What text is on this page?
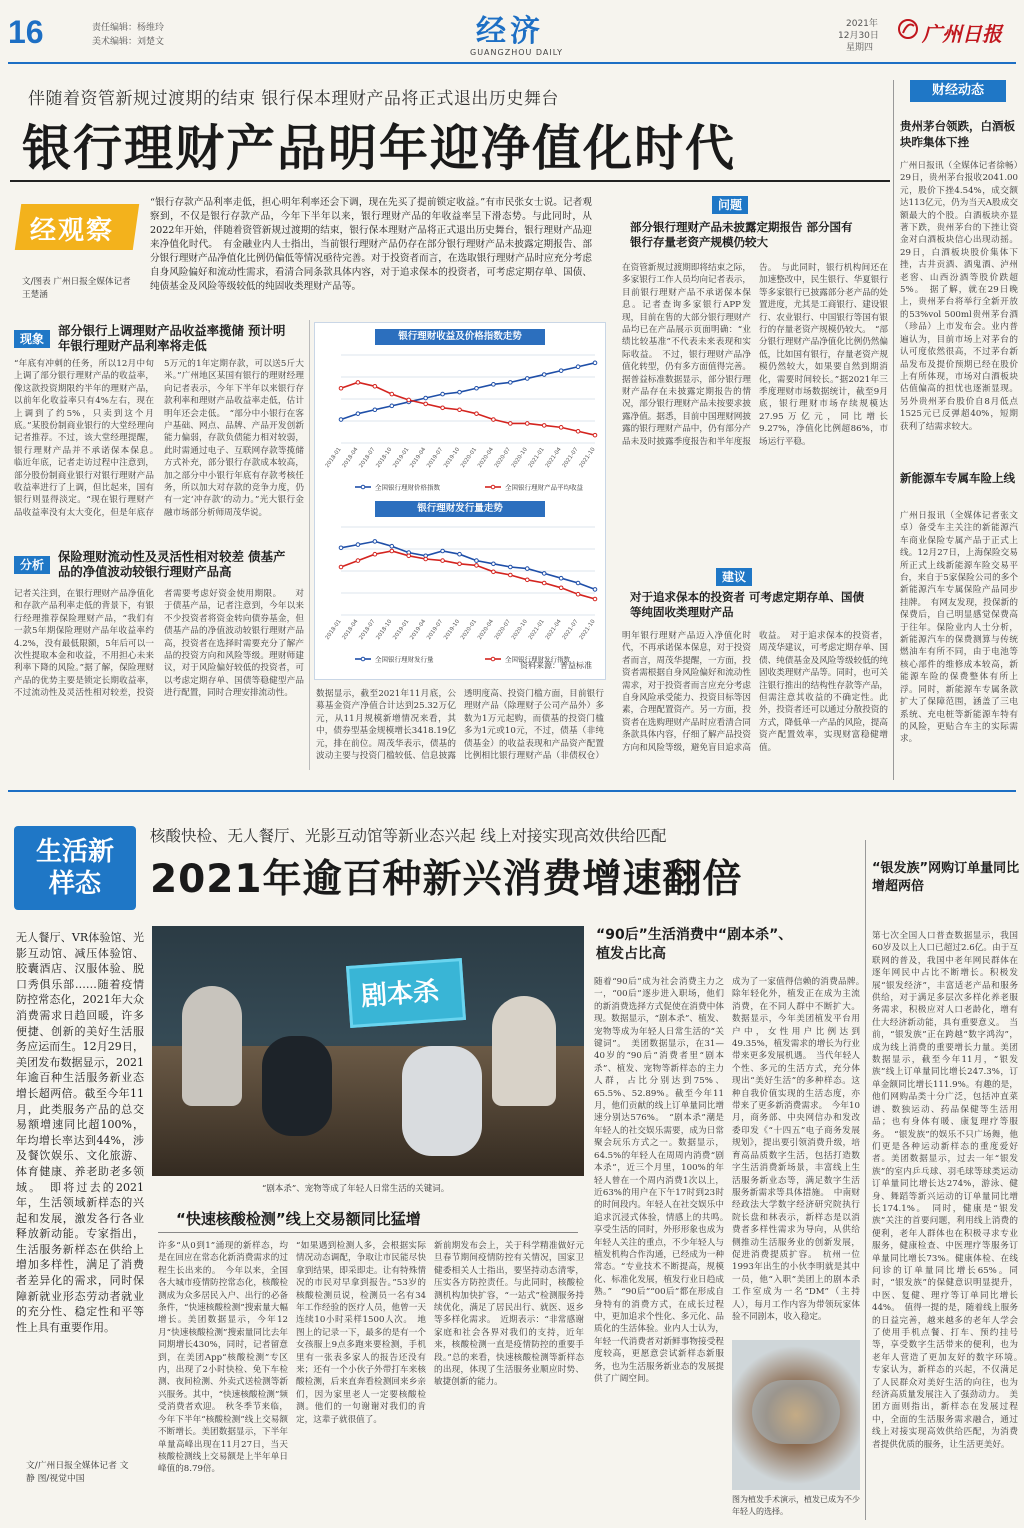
16	责任编辑：杨维玲
美术编辑：刘楚文	经济
GUANGZHOU DAILY
2021年
12月30日
星期四
广州日报
伴随着资管新规过渡期的结束 银行保本理财产品将正式退出历史舞台
银行理财产品明年迎净值化时代
经观察
文/图表 广州日报全媒体记者 王楚涵
“银行存款产品利率走低，担心明年利率还会下调，现在先买了提前锁定收益。”有市民张女士说。记者观察到，不仅是银行存款产品，今年下半年以来，银行理财产品的年收益率呈下滑态势。与此同时，从2022年开始，伴随着资管新规过渡期的结束，银行保本理财产品将正式退出历史舞台，银行理财产品迎来净值化时代。　有金融业内人士指出，当前银行理财产品仍存在部分银行理财产品未披露定期报告、部分银行理财产品净值化比例仍偏低等情况亟待完善。对于投资者而言，在选取银行理财产品时应充分考虑自身风险偏好和流动性需求，看清合同条款具体内容，对于追求保本的投资者，可考虑定期存单、国债、纯债基金及风险等级较低的纯固收类理财产品等。
现象
部分银行上调理财产品收益率揽储 预计明年银行理财产品利率将走低
“年底有冲刺的任务，所以12月中旬上调了部分银行理财产品的收益率，像这款投资期限约半年的理财产品，以前年化收益率只有4%左右，现在上调到了约5%，只卖到这个月底。”某股份制商业银行的大堂经理向记者推荐。不过，该大堂经理提醒，银行理财产品并不承诺保本保息。　临近年底，记者走访过程中注意到，部分股份制商业银行对银行理财产品收益率进行了上调，但比起来，国有银行则显得淡定。“现在银行理财产品收益率没有太大变化，但是年底存5万元的1年定期存款，可以送5斤大米。”广州地区某国有银行的理财经理向记者表示，今年下半年以来银行存款利率和理财产品收益率走低，估计明年还会走低。　“部分中小银行在客户基础、网点、品牌、产品开发创新能力偏弱，存款负债能力相对较弱，此时需通过电子、互联网存款等揽储方式补充，部分银行存款成本较高，加之部分中小银行年底有存款考核任务，所以加大对存款的竞争力度，仍有一定‘冲存款’的动力。”光大银行金融市场部分析师周茂华说。
分析
保险理财流动性及灵活性相对较差 债基产品的净值波动较银行理财产品高
记者关注到，在银行理财产品净值化和存款产品利率走低的背景下，有银行经理推荐保险理财产品，“我们有一款5年期保险理财产品年收益率约4.2%，没有最低限额，5年后可以一次性提取本金和收益，不用担心未来利率下降的风险。”据了解，保险理财产品的优势主要是锁定长期收益率，不过流动性及灵活性相对较差，投资者需要考虑好资金使用期限。　　对于债基产品，记者注意到，今年以来不少投资者将资金转向债券基金，但债基产品的净值波动较银行理财产品高，投资者在选择时需要充分了解产品的投资方向和风险等级。理财师建议，对于风险偏好较低的投资者，可以考虑定期存单、国债等稳健型产品进行配置，同时合理安排流动性。
银行理财收益及价格指数走势
2018-01
2018-04
2018-07
2018-10
2019-01
2019-04
2019-07
2019-10
2020-01
2020-04
2020-07
2020-10
2021-01
2021-04
2021-07
2021-10
全国银行理财价格指数	全国银行理财产品平均收益
银行理财发行量走势
2018-01
2018-04
2018-07
2018-10
2019-01
2019-04
2019-07
2019-10
2020-01
2020-04
2020-07
2020-10
2021-01
2021-04
2021-07
2021-10
全国银行理财发行量	全国银行理财发行指数
资料来源：普益标准
数据显示，截至2021年11月底，公募基金资产净值合计达到25.32万亿元，从11月规模新增情况来看，其中，债券型基金规模增长3418.19亿元，排在前位。周茂华表示，债基的波动主要与投资门槛较低、信息披露透明度高、投资门槛方面，目前银行理财产品（除理财子公司产品外）多数为1万元起购，而债基的投资门槛多为1元或10元，不过，债基（非纯债基金）的收益表现和产品资产配置比例相比银行理财产品（非债权仓）
问题
部分银行理财产品未披露定期报告 部分国有银行存量老资产规模仍较大
在资管新规过渡期即将结束之际，多家银行工作人员均向记者表示，目前银行理财产品不承诺保本保息。记者查询多家银行APP发现，目前在售的大部分银行理财产品均已在产品展示页面明确：“业绩比较基准”不代表未来表现和实际收益。　不过，银行理财产品净值化转型，仍有多方面值得完善。据普益标准数据显示，部分银行理财产品存在未披露定期报告的情况，部分银行理财产品未按要求披露净值。据悉，目前中国理财网披露的银行理财产品中，仍有部分产品未及时披露季度报告和半年度报告。　与此同时，银行机构间还在加速整改中，民生银行、华夏银行等多家银行已披露部分老产品的处置进度，尤其是工商银行、建设银行、农业银行、中国银行等国有银行的存量老资产规模仍较大。　“部分银行理财产品净值化比例仍然偏低，比如国有银行，存量老资产规模仍然较大，如果要自然到期消化，需要时间较长。”据2021年三季度理财市场数据统计，截至9月底，银行理财市场存续规模达27.95万亿元，同比增长9.27%，净值化比例超86%，市场运行平稳。
建议
对于追求保本的投资者 可考虑定期存单、国债等纯固收类理财产品
明年银行理财产品迈入净值化时代，不再承诺保本保息，对于投资者而言，周茂华提醒，一方面，投资者需根据自身风险偏好和流动性需求，对于投资者而言应充分考虑自身风险承受能力、投资目标等因素，合理配置资产。另一方面，投资者在选购理财产品时应看清合同条款具体内容，仔细了解产品投资方向和风险等级，避免盲目追求高收益。　对于追求保本的投资者，周茂华建议，可考虑定期存单、国债、纯债基金及风险等级较低的纯固收类理财产品等。同时，也可关注银行推出的结构性存款等产品，但需注意其收益的不确定性。此外，投资者还可以通过分散投资的方式，降低单一产品的风险，提高资产配置效率，实现财富稳健增值。
财经动态
贵州茅台领跌，白酒板块昨集体下挫
广州日报讯（全媒体记者徐畅）29日，贵州茅台报收2041.00元，股价下挫4.54%，成交额达113亿元，仍为当天A股成交额最大的个股。白酒板块亦显著下跌，贵州茅台的下挫让资金对白酒板块信心出现动摇。29日，白酒板块股价集体下挫，古井贡酒、酒鬼酒、泸州老窖、山西汾酒等股价跌超5%。　据了解，就在29日晚上，贵州茅台将举行全新开放的53%vol 500ml贵州茅台酒（珍品）上市发布会。业内普遍认为，目前市场上对茅台的认可度依然很高，不过茅台新品发布及提价预期已经在股价上有所体现，市场对白酒板块估值偏高的担忧也逐渐显现。另外贵州茅台股价自8月低点1525元已反弹超40%，短期获利了结需求较大。
新能源车专属车险上线
广州日报讯（全媒体记者张文卓）备受车主关注的新能源汽车商业保险专属产品于正式上线。12月27日，上海保险交易所正式上线新能源车险交易平台，来自于5家保险公司的多个新能源汽车专属保险产品同步挂牌。　有网友发现，投保新的保费后，自己明显感觉保费高于往年。保险业内人士分析，新能源汽车的保费测算与传统燃油车有所不同，由于电池等核心部件的维修成本较高，新能源车险的保费整体有所上浮。同时，新能源车专属条款扩大了保障范围，涵盖了三电系统、充电桩等新能源车特有的风险，更贴合车主的实际需求。
生活新样态
核酸快检、无人餐厅、光影互动馆等新业态兴起 线上对接实现高效供给匹配
2021年逾百种新兴消费增速翻倍
无人餐厅、VR体验馆、光影互动馆、减压体验馆、胶囊酒店、汉服体验、脱口秀俱乐部……随着疫情防控常态化，2021年大众消费需求日趋回暖，许多便捷、创新的美好生活服务应运而生。12月29日，美团发布数据显示，2021年逾百种生活服务新业态增长超两倍。截至今年11月，此类服务产品的总交易额增速同比超100%，年均增长率达到44%，涉及餐饮娱乐、文化旅游、体育健康、养老助老多领域。　即将过去的2021年，生活领域新样态的兴起和发展，激发各行各业释放新动能。专家指出，生活服务新样态在供给上增加多样性，满足了消费者差异化的需求，同时保障新就业形态劳动者就业的充分性、稳定性和平等性上具有重要作用。
文/广州日报全媒体记者 文静 图/视觉中国
剧本杀
“剧本杀”、宠物等成了年轻人日常生活的关键词。
“快速核酸检测”线上交易额同比猛增
许多“从0到1”涌现的新样态，均是在回应在常态化新消费需求的过程生长出来的。　今年以来，全国各大城市疫情防控常态化，核酸检测成为众多居民入户、出行的必备条件，“快速核酸检测”搜索量大幅增长。美团数据显示，今年12月“快速核酸检测”搜索量同比去年同期增长430%，同时，记者留意到，在美团App“核酸检测”专区内，出现了2小时快检、免下车检测、夜间检测、外卖式送检测等新兴服务。其中，“快速核酸检测”频受消费者欢迎。　秋冬季节来临，今年下半年“核酸检测”线上交易额不断增长。美团数据显示，下半年单量高峰出现在11月27日，当天核酸检测线上交易额是上半年单日峰值的8.79倍。
“如果遇到检测人多，会根据实际情况动态调配，争取让市民能尽快拿到结果，即采即走。让有特殊情况的市民对早拿到报告。”53岁的核酸检测员说，检测员一名有34年工作经验的医疗人员，他曾一天连续10小时采样1500人次。　地图上的记录一下，最多的是有一个女孩服上9点多跑来要检测，手机里有一张表多家人的报告还没有来；还有一个小伙子外带打车来核酸检测，后来直奔看检测回来乡亲们，因为家里老人一定要核酸检测。他们的一句谢谢对我们的肯定，这辈子就很值了。
新前期发布会上，关于科学精准做好元旦春节期间疫情防控有关情况，国家卫健委相关人士指出，要坚持动态清零，压实各方防控责任。与此同时，核酸检测机构加快扩容，“一站式”检测服务持续优化，满足了居民出行、就医、返乡等多样化需求。　近期表示：“非常感谢家庭和社会各界对我们的支持，近年来，核酸检测一直是疫情防控的重要手段。”总的来看，快速核酸检测等新样态的出现，体现了生活服务业顺应时势、敏捷创新的能力。
“90后”生活消费中“剧本杀”、植发占比高
随着“90后”成为社会消费主力之一，“00后”逐步进入职场，他们的新消费选择方式促使在消费中体现。数据显示，“剧本杀”、植发、宠物等成为年轻人日常生活的“关键词”。　美团数据显示，在31—40岁的“90后”消费者里“剧本杀”、植发、宠物等新样态的主力人群，占比分别达到75%、65.5%、52.89%。截至今年11月，他们贡献的线上订单量同比增速分别达576%。　“剧本杀”潮是年轻人的社交娱乐需要，成为日常聚会玩乐方式之一。数据显示，64.5%的年轻人在周周内消费“剧本杀”，近三个月里，100%的年轻人曾在一个周内消费1次以上，近63%的用户在下午17时到23时的时间段内。年轻人在社交娱乐中追求沉浸式体验，情感上的共鸣。　享受生活的同时，外形形象也成为年轻人关注的重点，不少年轻人与植发机构合作沟通，已经成为一种常态。“专业技术不断提高，规模化、标准化发展，植发行业日趋成熟。”　“90后”“00后”都在形成自身特有的消费方式，在成长过程中，更加追求个性化、多元化、品质化的生活体验。业内人士认为，年轻一代消费者对新鲜事物接受程度较高，更愿意尝试新样态新服务，也为生活服务新业态的发展提供了广阔空间。
成为了一家值得信赖的消费品牌。　除年轻化外，植发正在成为主流消费，在不同人群中不断扩大。数据显示，今年美团植发平台用户中，女性用户比例达到49.35%，植发需求的增长为行业带来更多发展机遇。　当代年轻人个性、多元的生活方式，充分体现出“美好生活”的多种样态。这种自我价值实现的生活态度，亦带来了更多新消费需求。　今年10月，商务部、中央网信办和发改委印发《“十四五”电子商务发展规划》，提出要引领消费升级，培育高品质数字生活，包括打造数字生活消费新场景，丰富线上生活服务新业态等，满足数字生活服务新需求等具体措施。　中南财经政法大学数字经济研究院执行院长盘和林表示，新样态是以消费者多样性需求为导向，从供给侧推动生活服务业的创新发展，促进消费提质扩容。　杭州一位1993年出生的小伙李明就是其中一员，他“入职”美团上的剧本杀工作室成为一名“DM”（主持人），每月工作内容为带领玩家体验不同剧本，收入稳定。
图为植发手术演示，植发已成为不少年轻人的选择。
“银发族”网购订单量同比增超两倍
第七次全国人口普查数据显示，我国60岁及以上人口已超过2.6亿。由于互联网的普及，我国中老年网民群体在逐年网民中占比不断增长。积极发展“银发经济”，丰富适老产品和服务供给，对于满足多层次多样化养老服务需求，积极应对人口老龄化，增有仕大经济新动能，具有重要意义。　当前，“银发族”正在跨越“数字鸿沟”，成为线上消费的重要增长力量。美团数据显示，截至今年11月，“银发族”线上订单量同比增长247.3%，订单金额同比增长111.9%。有趣的是，他们网购品类十分广泛，包括冲直菜谱、数独运动、药品保健等生活用品；也有身体有暖、康复理疗等服务。　“银发族”的娱乐不只广场舞，他们更是各种运动新样态的重度爱好者。美团数据显示，过去一年“银发族”的室内乒乓球、羽毛球等球类运动订单量同比增长达274%，游泳、健身、舞蹈等新兴运动的订单量同比增长174.1%。　同时，健康是“银发族”关注的首要问题，利用线上消费的便利，老年人群体也在积极寻求专业服务，健康检查、中医理疗等服务订单量同比增长73%。健康体检、在线问诊的订单量同比增长65%。同时，“银发族”的保健意识明显提升，中医、复健、理疗等订单同比增长44%。　值得一提的是，随着线上服务的日益完善，越来越多的老年人学会了使用手机点餐、打车、预约挂号等，享受数字生活带来的便利，也为老年人营造了更加友好的数字环境。　专家认为，新样态的兴起，不仅满足了人民群众对美好生活的向往，也为经济高质量发展注入了强劲动力。　美团方面则指出，新样态在发展过程中，全面的生活服务需求融合，通过线上对接实现高效供给匹配，为消费者提供优质的服务，让生活更美好。
